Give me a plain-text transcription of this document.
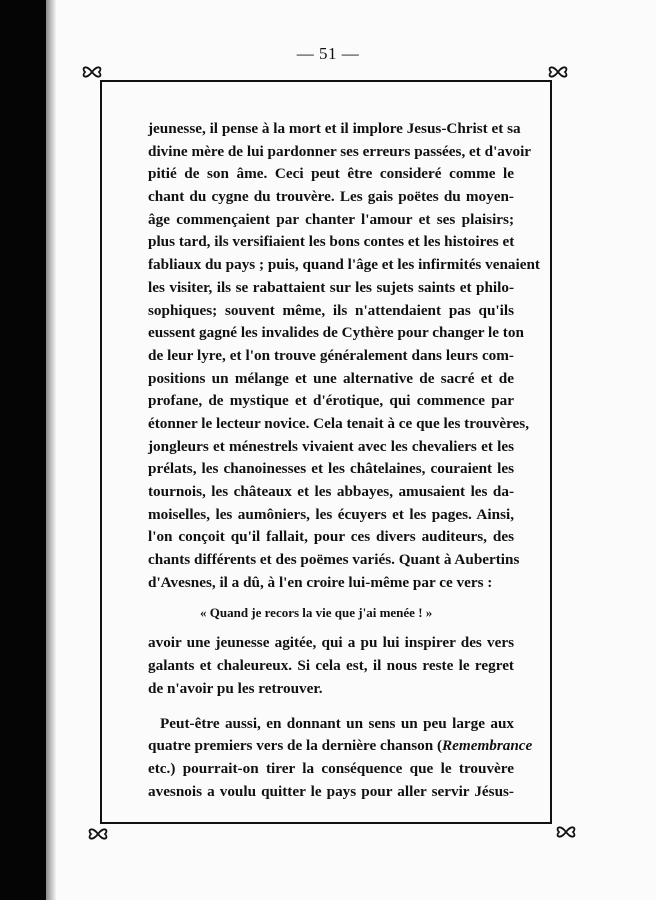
— 51 —
jeunesse, il pense à la mort et il implore Jesus-Christ et sa
divine mère de lui pardonner ses erreurs passées, et d'avoir
pitié de son âme. Ceci peut être consideré comme le
chant du cygne du trouvère. Les gais poëtes du moyen-
âge commençaient par chanter l'amour et ses plaisirs;
plus tard, ils versifiaient les bons contes et les histoires et
fabliaux du pays ; puis, quand l'âge et les infirmités venaient
les visiter, ils se rabattaient sur les sujets saints et philo-
sophiques; souvent même, ils n'attendaient pas qu'ils
eussent gagné les invalides de Cythère pour changer le ton
de leur lyre, et l'on trouve généralement dans leurs com-
positions un mélange et une alternative de sacré et de
profane, de mystique et d'érotique, qui commence par
étonner le lecteur novice. Cela tenait à ce que les trouvères,
jongleurs et ménestrels vivaient avec les chevaliers et les
prélats, les chanoinesses et les châtelaines, couraient les
tournois, les châteaux et les abbayes, amusaient les da-
moiselles, les aumôniers, les écuyers et les pages. Ainsi,
l'on conçoit qu'il fallait, pour ces divers auditeurs, des
chants différents et des poëmes variés. Quant à Aubertins
d'Avesnes, il a dû, à l'en croire lui-même par ce vers :
« Quand je recors la vie que j'ai menée ! »
avoir une jeunesse agitée, qui a pu lui inspirer des vers
galants et chaleureux. Si cela est, il nous reste le regret
de n'avoir pu les retrouver.
Peut-être aussi, en donnant un sens un peu large aux
quatre premiers vers de la dernière chanson (Remembrance
etc.) pourrait-on tirer la conséquence que le trouvère
avesnois a voulu quitter le pays pour aller servir Jésus-
